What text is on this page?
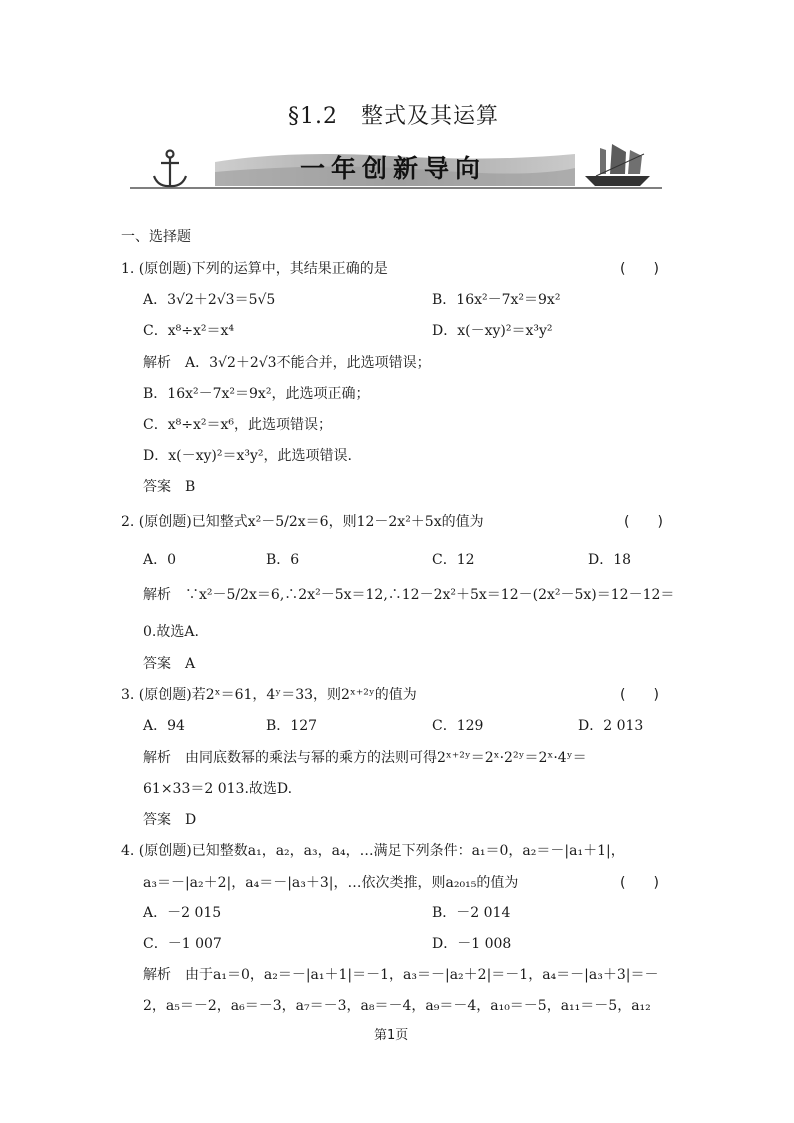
§1.2　整式及其运算
一年创新导向
一、选择题
1. (原创题)下列的运算中，其结果正确的是	(　　)
A．3√2＋2√3＝5√5	B．16x²－7x²＝9x²
C．x⁸÷x²＝x⁴	D．x(－xy)²＝x³y²
解析　A．3√2＋2√3不能合并，此选项错误；
B．16x²－7x²＝9x²，此选项正确；
C．x⁸÷x²＝x⁶，此选项错误；
D．x(－xy)²＝x³y²，此选项错误.
答案　B
2. (原创题)已知整式x²－5/2x＝6，则12－2x²＋5x的值为	(　　)
A．0	B．6	C．12	D．18
解析　∵x²－5/2x＝6,∴2x²－5x＝12,∴12－2x²＋5x＝12－(2x²－5x)＝12－12＝
0.故选A.
答案　A
3. (原创题)若2ˣ＝61，4ʸ＝33，则2ˣ⁺²ʸ的值为	(　　)
A．94	B．127	C．129	D．2 013
解析　由同底数幂的乘法与幂的乘方的法则可得2ˣ⁺²ʸ＝2ˣ·2²ʸ＝2ˣ·4ʸ＝
61×33＝2 013.故选D.
答案　D
4. (原创题)已知整数a₁，a₂，a₃，a₄，…满足下列条件：a₁＝0，a₂＝－|a₁＋1|，
a₃＝－|a₂＋2|，a₄＝－|a₃＋3|，…依次类推，则a₂₀₁₅的值为	(　　)
A．－2 015	B．－2 014
C．－1 007	D．－1 008
解析　由于a₁＝0，a₂＝－|a₁＋1|＝－1，a₃＝－|a₂＋2|＝－1，a₄＝－|a₃＋3|＝－
2，a₅＝－2，a₆＝－3，a₇＝－3，a₈＝－4，a₉＝－4，a₁₀＝－5，a₁₁＝－5，a₁₂
第1页
